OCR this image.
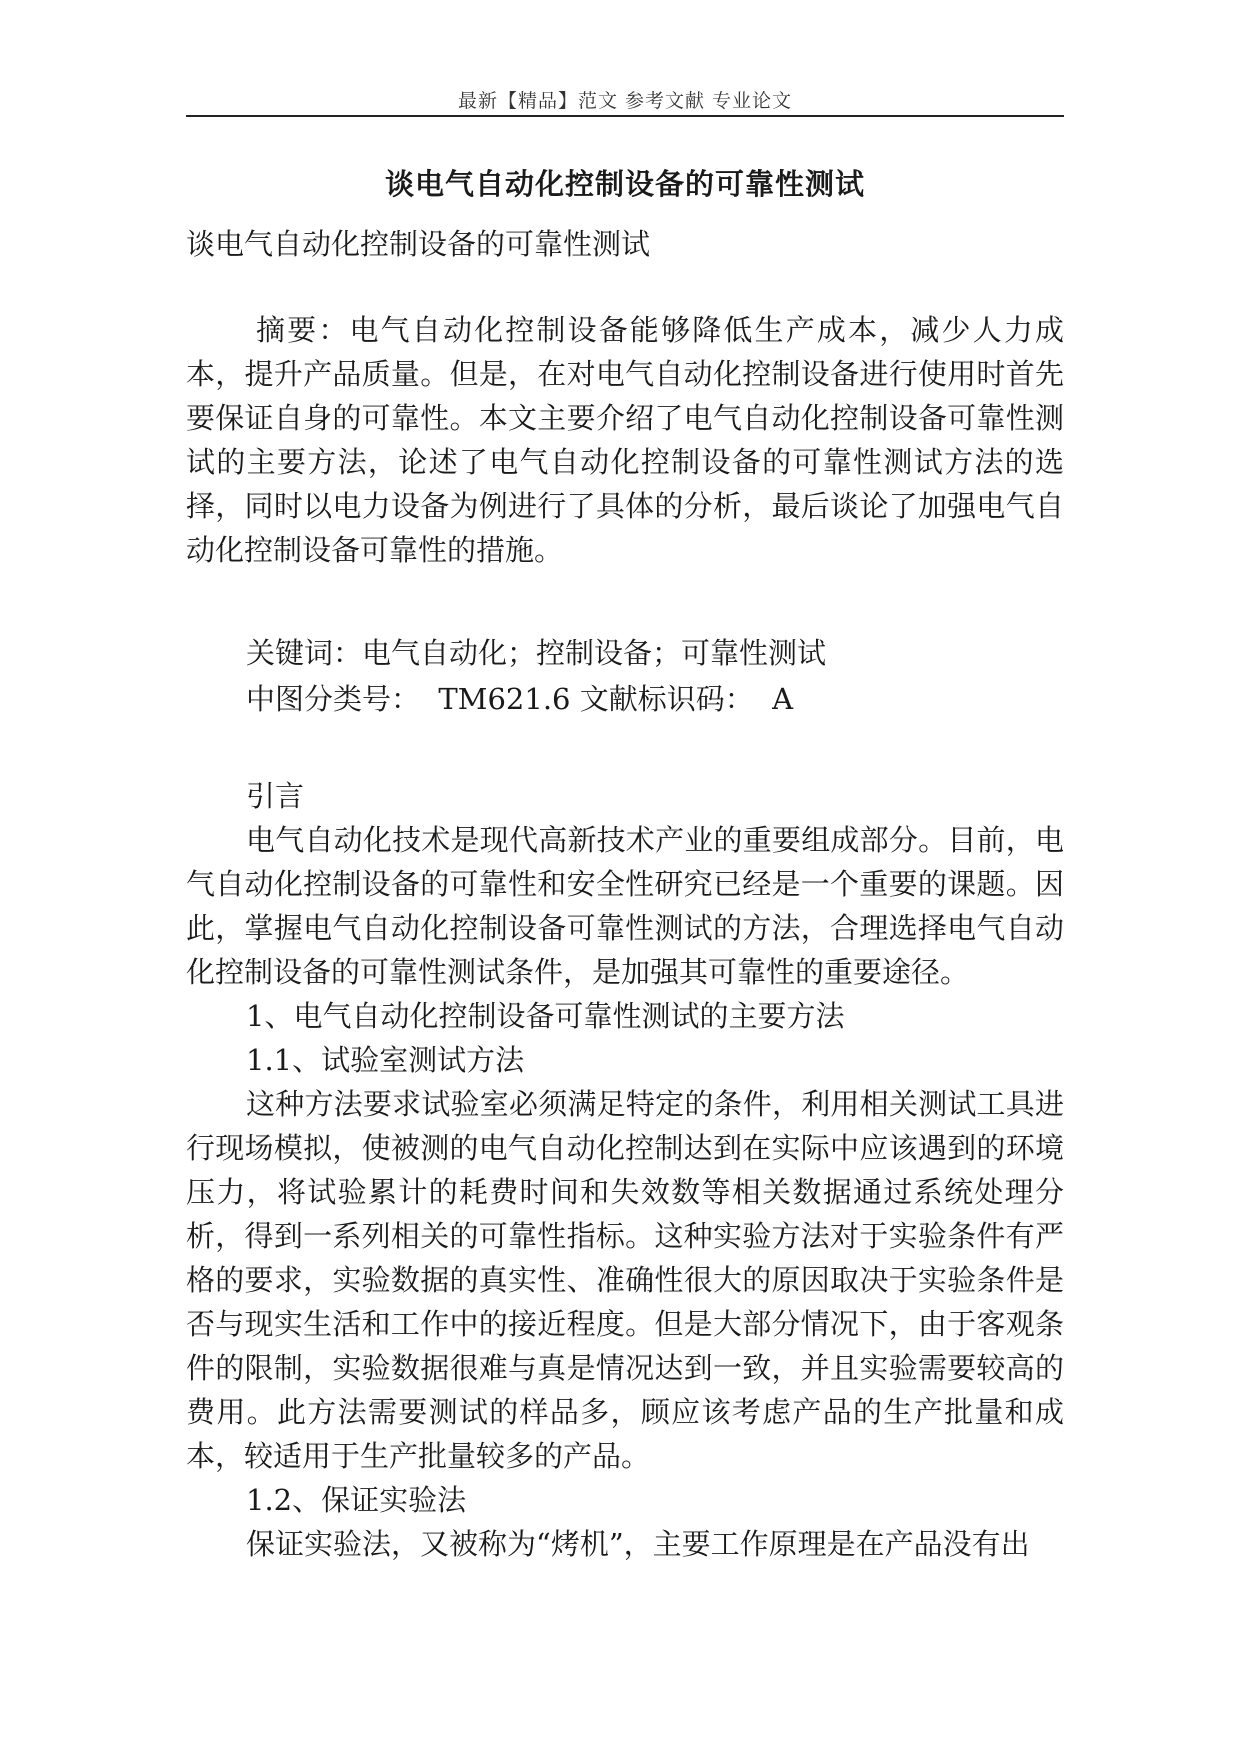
最新【精品】范文 参考文献 专业论文
谈电气自动化控制设备的可靠性测试
谈电气自动化控制设备的可靠性测试

摘要：电气自动化控制设备能够降低生产成本，减少人力成本，提升产品质量。但是，在对电气自动化控制设备进行使用时首先要保证自身的可靠性。本文主要介绍了电气自动化控制设备可靠性测试的主要方法，论述了电气自动化控制设备的可靠性测试方法的选择，同时以电力设备为例进行了具体的分析，最后谈论了加强电气自动化控制设备可靠性的措施。

关键词：电气自动化；控制设备；可靠性测试
中图分类号：  TM621.6 文献标识码：  A

引言

电气自动化技术是现代高新技术产业的重要组成部分。目前，电气自动化控制设备的可靠性和安全性研究已经是一个重要的课题。因此，掌握电气自动化控制设备可靠性测试的方法，合理选择电气自动化控制设备的可靠性测试条件，是加强其可靠性的重要途径。

1、电气自动化控制设备可靠性测试的主要方法

1.1、试验室测试方法

这种方法要求试验室必须满足特定的条件，利用相关测试工具进行现场模拟，使被测的电气自动化控制达到在实际中应该遇到的环境压力，将试验累计的耗费时间和失效数等相关数据通过系统处理分析，得到一系列相关的可靠性指标。这种实验方法对于实验条件有严格的要求，实验数据的真实性、准确性很大的原因取决于实验条件是否与现实生活和工作中的接近程度。但是大部分情况下，由于客观条件的限制，实验数据很难与真是情况达到一致，并且实验需要较高的费用。此方法需要测试的样品多，顾应该考虑产品的生产批量和成本，较适用于生产批量较多的产品。

1.2、保证实验法

保证实验法，又被称为“烤机”，主要工作原理是在产品没有出
